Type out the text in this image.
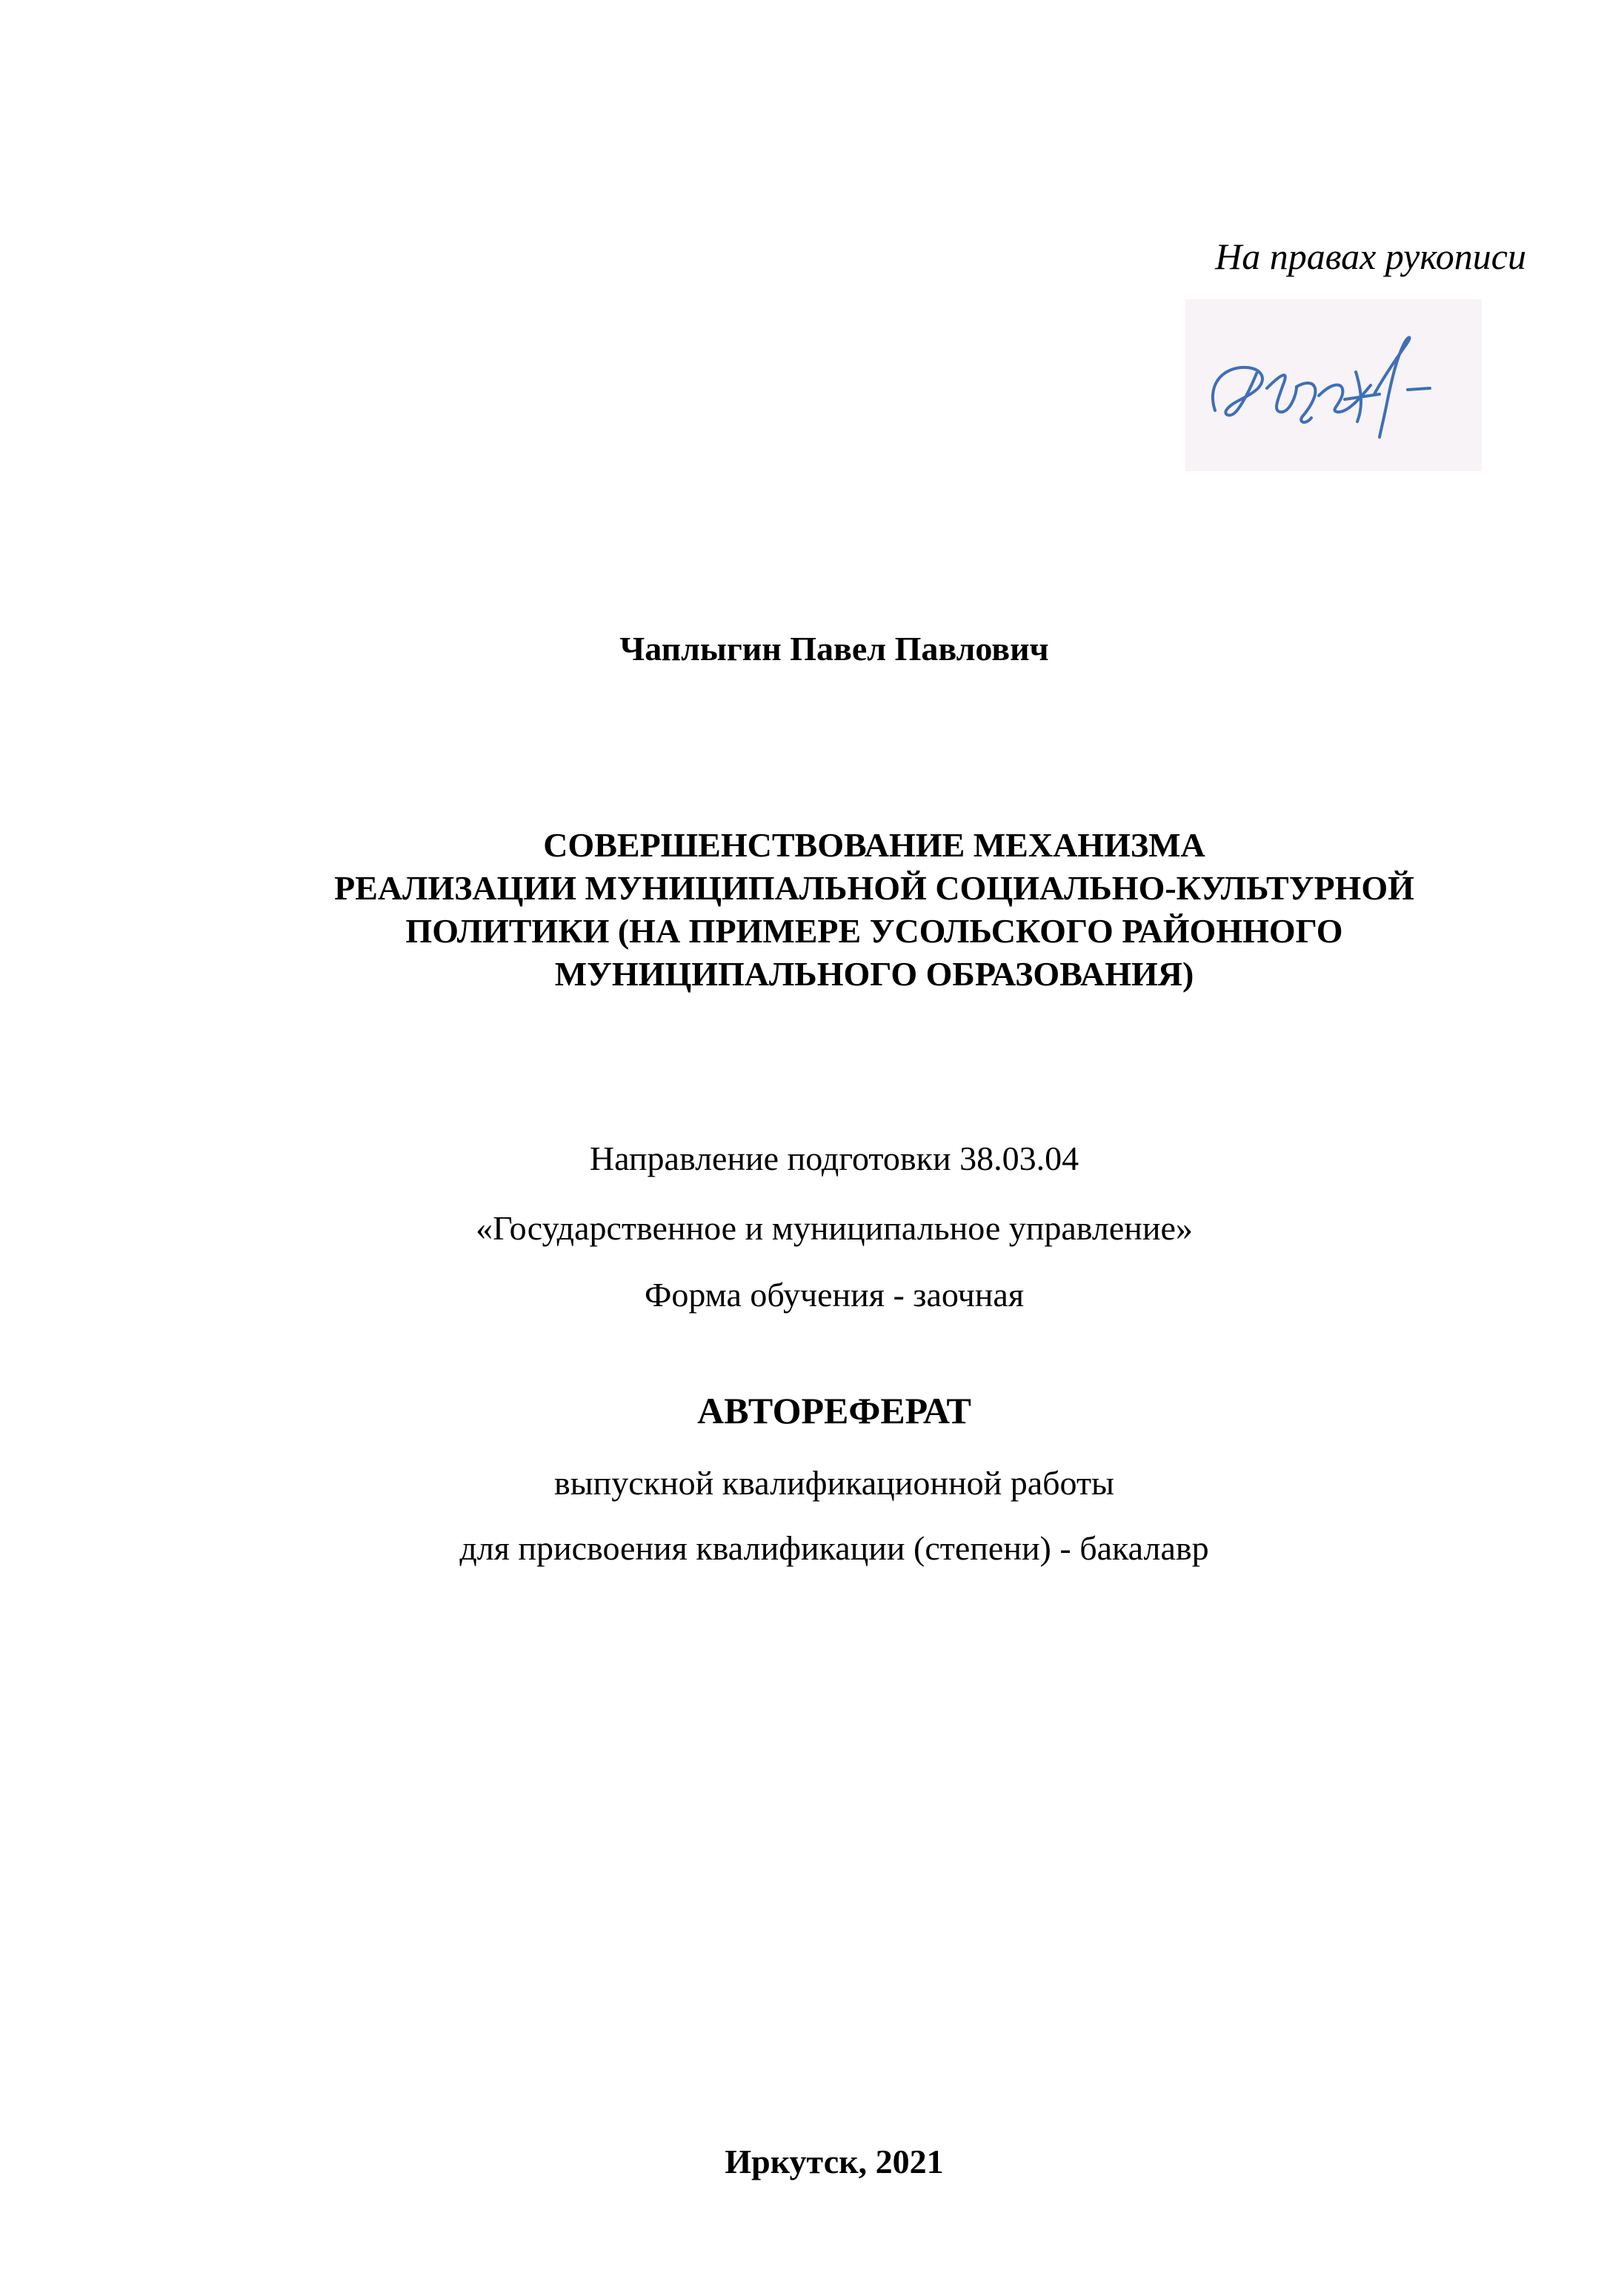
На правах рукописи
Чаплыгин Павел Павлович
СОВЕРШЕНСТВОВАНИЕ МЕХАНИЗМА
РЕАЛИЗАЦИИ МУНИЦИПАЛЬНОЙ СОЦИАЛЬНО-КУЛЬТУРНОЙ
ПОЛИТИКИ (НА ПРИМЕРЕ УСОЛЬСКОГО РАЙОННОГО
МУНИЦИПАЛЬНОГО ОБРАЗОВАНИЯ)
Направление подготовки 38.03.04
«Государственное и муниципальное управление»
Форма обучения - заочная
АВТОРЕФЕРАТ
выпускной квалификационной работы
для присвоения квалификации (степени) - бакалавр
Иркутск, 2021
